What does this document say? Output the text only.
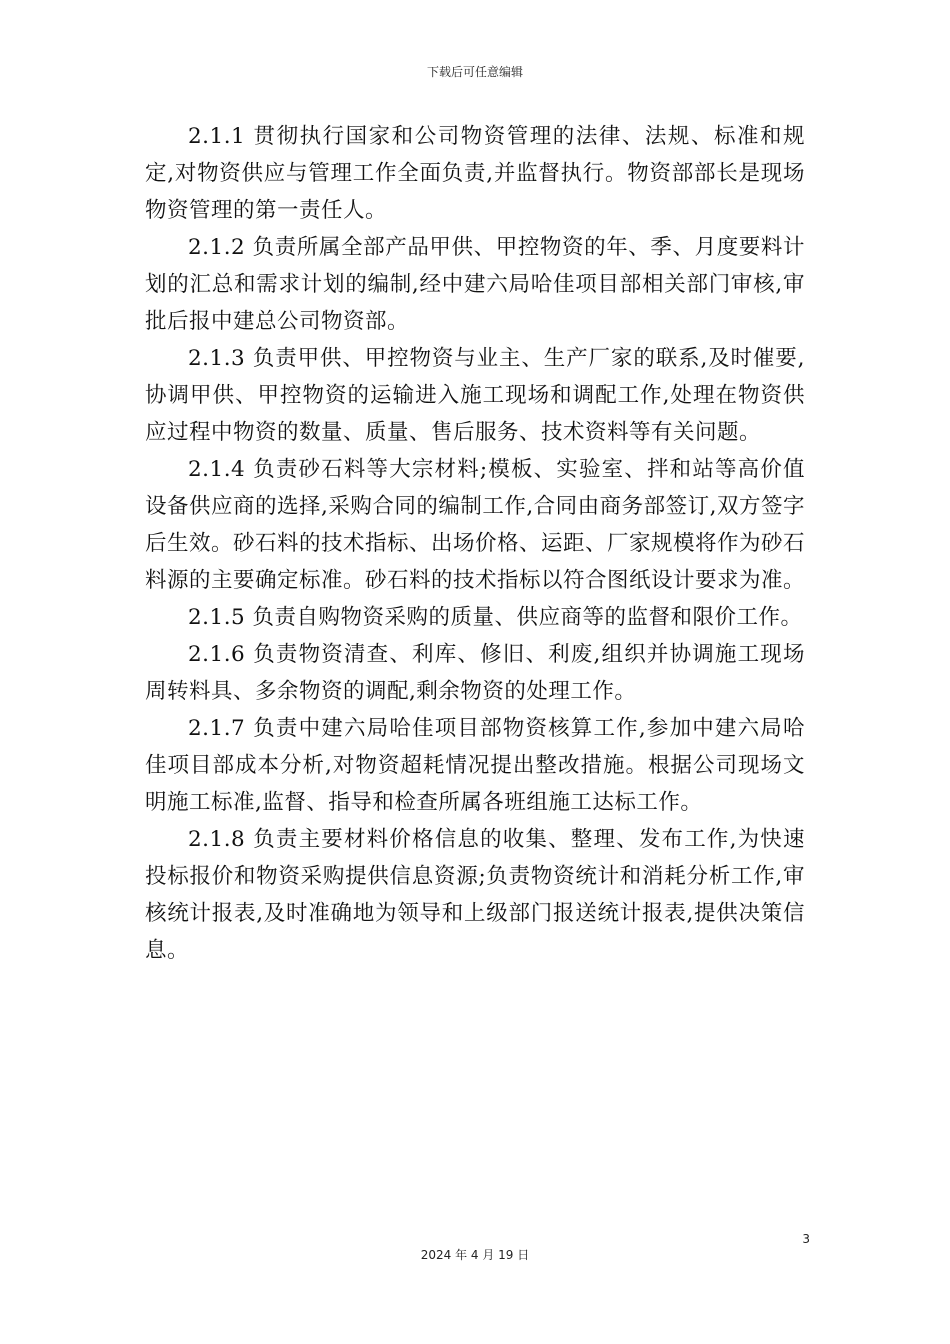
下载后可任意编辑

2.1.1 贯彻执行国家和公司物资管理的法律、法规、标准和规定,对物资供应与管理工作全面负责,并监督执行。物资部部长是现场物资管理的第一责任人。

2.1.2 负责所属全部产品甲供、甲控物资的年、季、月度要料计划的汇总和需求计划的编制,经中建六局哈佳项目部相关部门审核,审批后报中建总公司物资部。

2.1.3 负责甲供、甲控物资与业主、生产厂家的联系,及时催要,协调甲供、甲控物资的运输进入施工现场和调配工作,处理在物资供应过程中物资的数量、质量、售后服务、技术资料等有关问题。

2.1.4 负责砂石料等大宗材料;模板、实验室、拌和站等高价值设备供应商的选择,采购合同的编制工作,合同由商务部签订,双方签字后生效。砂石料的技术指标、出场价格、运距、厂家规模将作为砂石料源的主要确定标准。砂石料的技术指标以符合图纸设计要求为准。

2.1.5 负责自购物资采购的质量、供应商等的监督和限价工作。

2.1.6 负责物资清查、利库、修旧、利废,组织并协调施工现场周转料具、多余物资的调配,剩余物资的处理工作。

2.1.7 负责中建六局哈佳项目部物资核算工作,参加中建六局哈佳项目部成本分析,对物资超耗情况提出整改措施。根据公司现场文明施工标准,监督、指导和检查所属各班组施工达标工作。

2.1.8 负责主要材料价格信息的收集、整理、发布工作,为快速投标报价和物资采购提供信息资源;负责物资统计和消耗分析工作,审核统计报表,及时准确地为领导和上级部门报送统计报表,提供决策信息。

3
2024 年 4 月 19 日
